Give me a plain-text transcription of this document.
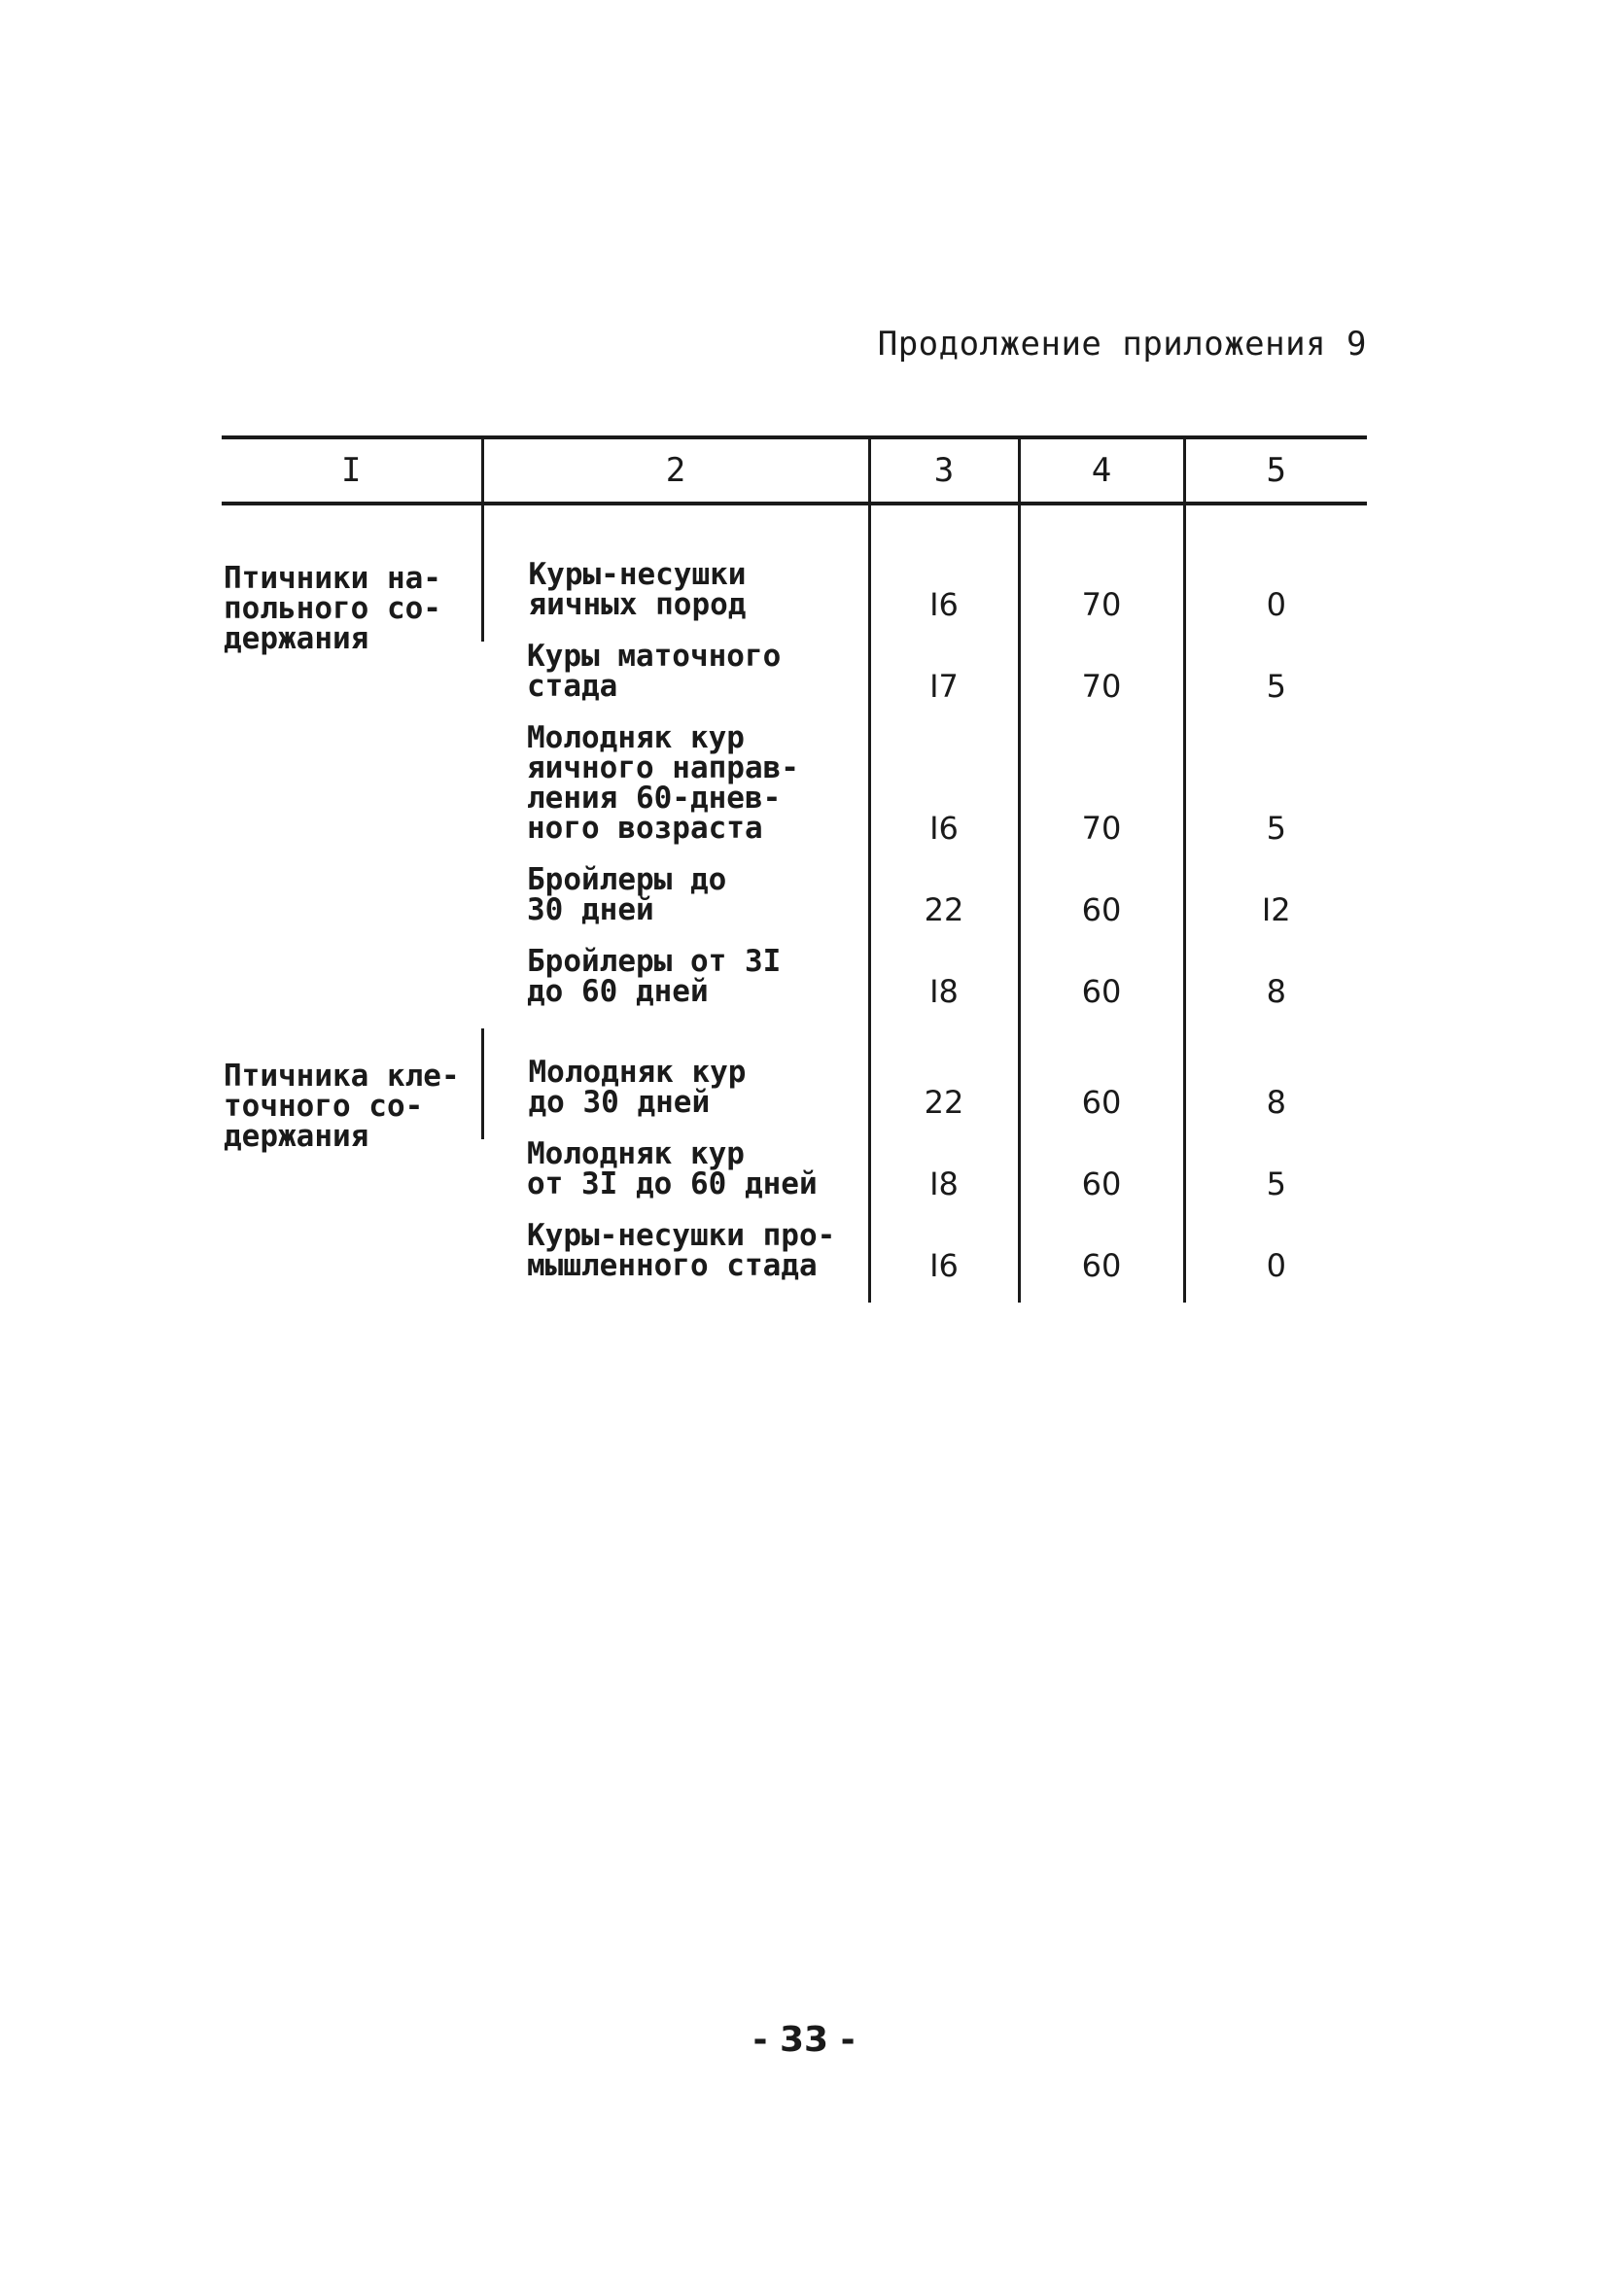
Продолжение приложения 9
I	2	3	4	5

Птичники на-
польного со-
держания	Куры-несушки
яичных пород	I6	70	0
	Куры маточного
стада	I7	70	5
	Молодняк кур
яичного направ-
ления 60-днев-
ного возраста	I6	70	5
	Бройлеры до
30 дней	22	60	I2
	Бройлеры от 3I
до 60 дней	I8	60	8

Птичника кле-
точного со-
держания	Молодняк кур
до 30 дней	22	60	8
	Молодняк кур
от 3I до 60 дней	I8	60	5
	Куры-несушки про-
мышленного стада	I6	60	0
- 33 -
